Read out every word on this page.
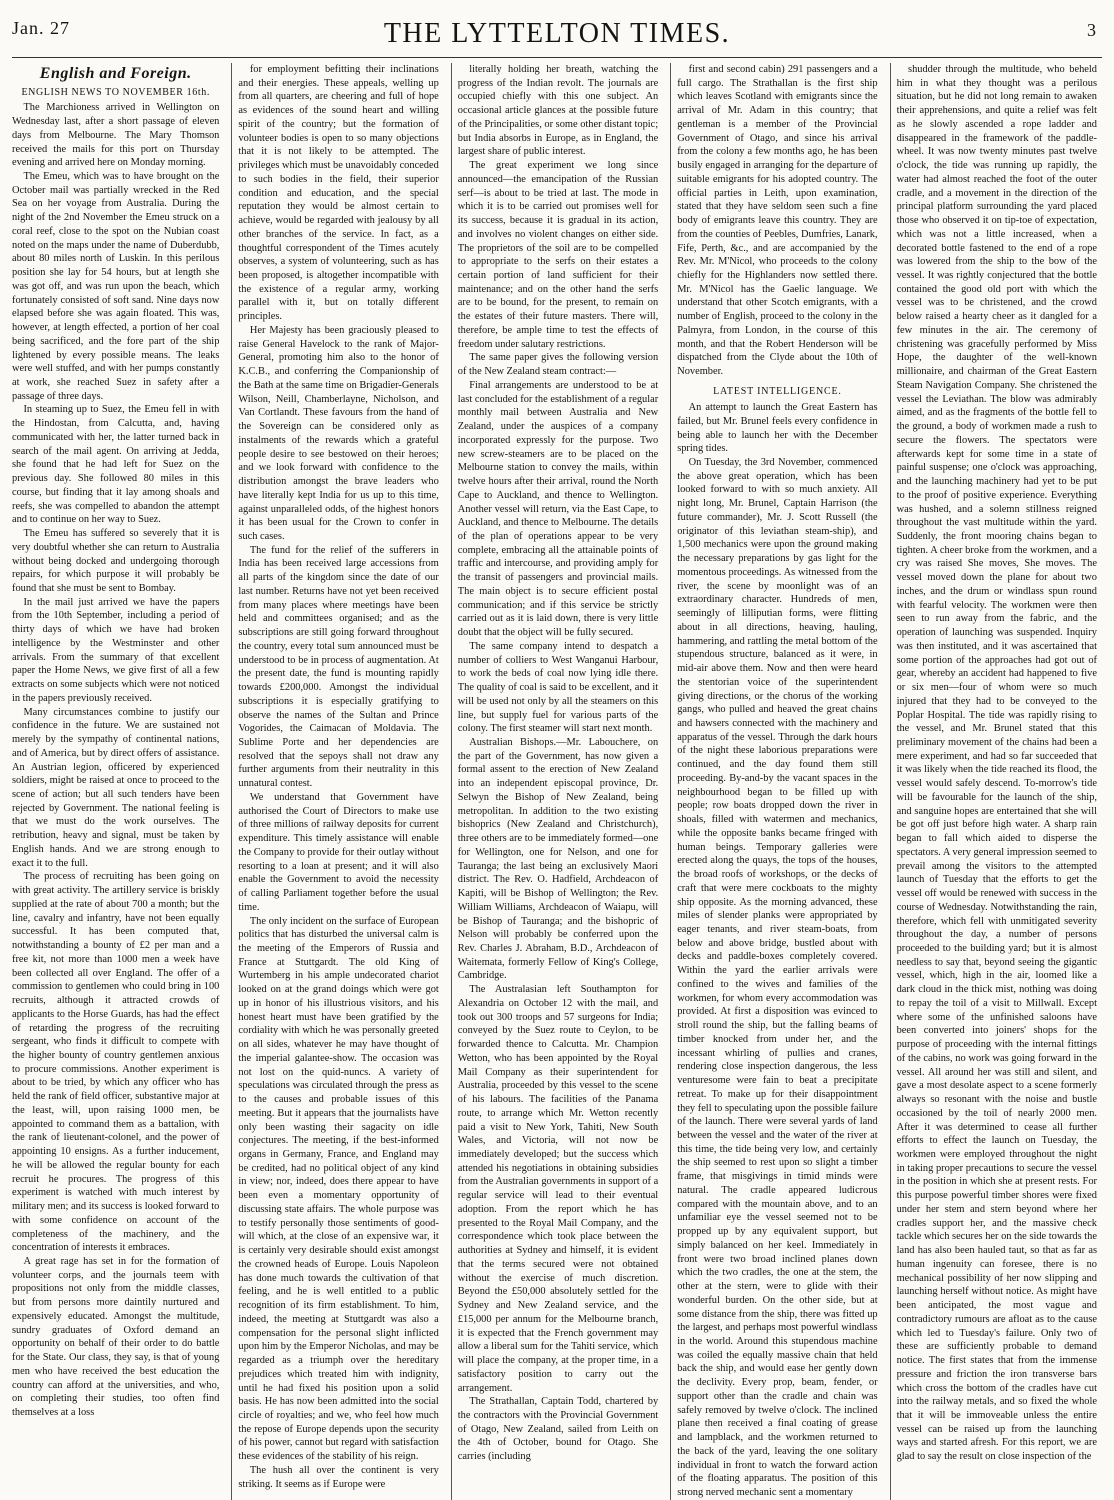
Jan. 27	THE LYTTELTON TIMES.	3
English and Foreign.
ENGLISH NEWS TO NOVEMBER 16th.

The Marchioness arrived in Wellington on Wednesday last, after a short passage of eleven days from Melbourne. The Mary Thomson received the mails for this port on Thursday evening and arrived here on Monday morning.

The Emeu, which was to have brought on the October mail was partially wrecked in the Red Sea on her voyage from Australia. During the night of the 2nd November the Emeu struck on a coral reef, close to the spot on the Nubian coast noted on the maps under the name of Duberdubb, about 80 miles north of Luskin. In this perilous position she lay for 54 hours, but at length she was got off, and was run upon the beach, which fortunately consisted of soft sand. Nine days now elapsed before she was again floated. This was, however, at length effected, a portion of her coal being sacrificed, and the fore part of the ship lightened by every possible means. The leaks were well stuffed, and with her pumps constantly at work, she reached Suez in safety after a passage of three days.

In steaming up to Suez, the Emeu fell in with the Hindostan, from Calcutta, and, having communicated with her, the latter turned back in search of the mail agent. On arriving at Jedda, she found that he had left for Suez on the previous day. She followed 80 miles in this course, but finding that it lay among shoals and reefs, she was compelled to abandon the attempt and to continue on her way to Suez.

The Emeu has suffered so severely that it is very doubtful whether she can return to Australia without being docked and undergoing thorough repairs, for which purpose it will probably be found that she must be sent to Bombay.

In the mail just arrived we have the papers from the 10th September, including a period of thirty days of which we have had broken intelligence by the Westminster and other arrivals. From the summary of that excellent paper the Home News, we give first of all a few extracts on some subjects which were not noticed in the papers previously received.

Many circumstances combine to justify our confidence in the future. We are sustained not merely by the sympathy of continental nations, and of America, but by direct offers of assistance. An Austrian legion, officered by experienced soldiers, might be raised at once to proceed to the scene of action; but all such tenders have been rejected by Government. The national feeling is that we must do the work ourselves. The retribution, heavy and signal, must be taken by English hands. And we are strong enough to exact it to the full.

The process of recruiting has been going on with great activity. The artillery service is briskly supplied at the rate of about 700 a month; but the line, cavalry and infantry, have not been equally successful. It has been computed that, notwithstanding a bounty of £2 per man and a free kit, not more than 1000 men a week have been collected all over England. The offer of a commission to gentlemen who could bring in 100 recruits, although it attracted crowds of applicants to the Horse Guards, has had the effect of retarding the progress of the recruiting sergeant, who finds it difficult to compete with the higher bounty of country gentlemen anxious to procure commissions. Another experiment is about to be tried, by which any officer who has held the rank of field officer, substantive major at the least, will, upon raising 1000 men, be appointed to command them as a battalion, with the rank of lieutenant-colonel, and the power of appointing 10 ensigns. As a further inducement, he will be allowed the regular bounty for each recruit he procures. The progress of this experiment is watched with much interest by military men; and its success is looked forward to with some confidence on account of the completeness of the machinery, and the concentration of interests it embraces.

A great rage has set in for the formation of volunteer corps, and the journals teem with propositions not only from the middle classes, but from persons more daintily nurtured and expensively educated. Amongst the multitude, sundry graduates of Oxford demand an opportunity on behalf of their order to do battle for the State. Our class, they say, is that of young men who have received the best education the country can afford at the universities, and who, on completing their studies, too often find themselves at a loss

for employment befitting their inclinations and their energies. These appeals, welling up from all quarters, are cheering and full of hope as evidences of the sound heart and willing spirit of the country; but the formation of volunteer bodies is open to so many objections that it is not likely to be attempted. The privileges which must be unavoidably conceded to such bodies in the field, their superior condition and education, and the special reputation they would be almost certain to achieve, would be regarded with jealousy by all other branches of the service. In fact, as a thoughtful correspondent of the Times acutely observes, a system of volunteering, such as has been proposed, is altogether incompatible with the existence of a regular army, working parallel with it, but on totally different principles.

Her Majesty has been graciously pleased to raise General Havelock to the rank of Major-General, promoting him also to the honor of K.C.B., and conferring the Companionship of the Bath at the same time on Brigadier-Generals Wilson, Neill, Chamberlayne, Nicholson, and Van Cortlandt. These favours from the hand of the Sovereign can be considered only as instalments of the rewards which a grateful people desire to see bestowed on their heroes; and we look forward with confidence to the distribution amongst the brave leaders who have literally kept India for us up to this time, against unparalleled odds, of the highest honors it has been usual for the Crown to confer in such cases.

The fund for the relief of the sufferers in India has been received large accessions from all parts of the kingdom since the date of our last number. Returns have not yet been received from many places where meetings have been held and committees organised; and as the subscriptions are still going forward throughout the country, every total sum announced must be understood to be in process of augmentation. At the present date, the fund is mounting rapidly towards £200,000. Amongst the individual subscriptions it is especially gratifying to observe the names of the Sultan and Prince Vogorides, the Caimacan of Moldavia. The Sublime Porte and her dependencies are resolved that the sepoys shall not draw any further arguments from their neutrality in this unnatural contest.

We understand that Government have authorised the Court of Directors to make use of three millions of railway deposits for current expenditure. This timely assistance will enable the Company to provide for their outlay without resorting to a loan at present; and it will also enable the Government to avoid the necessity of calling Parliament together before the usual time.

The only incident on the surface of European politics that has disturbed the universal calm is the meeting of the Emperors of Russia and France at Stuttgardt. The old King of Wurtemberg in his ample undecorated chariot looked on at the grand doings which were got up in honor of his illustrious visitors, and his honest heart must have been gratified by the cordiality with which he was personally greeted on all sides, whatever he may have thought of the imperial galantee-show. The occasion was not lost on the quid-nuncs. A variety of speculations was circulated through the press as to the causes and probable issues of this meeting. But it appears that the journalists have only been wasting their sagacity on idle conjectures. The meeting, if the best-informed organs in Germany, France, and England may be credited, had no political object of any kind in view; nor, indeed, does there appear to have been even a momentary opportunity of discussing state affairs. The whole purpose was to testify personally those sentiments of good-will which, at the close of an expensive war, it is certainly very desirable should exist amongst the crowned heads of Europe. Louis Napoleon has done much towards the cultivation of that feeling, and he is well entitled to a public recognition of its firm establishment. To him, indeed, the meeting at Stuttgardt was also a compensation for the personal slight inflicted upon him by the Emperor Nicholas, and may be regarded as a triumph over the hereditary prejudices which treated him with indignity, until he had fixed his position upon a solid basis. He has now been admitted into the social circle of royalties; and we, who feel how much the repose of Europe depends upon the security of his power, cannot but regard with satisfaction these evidences of the stability of his reign.

The hush all over the continent is very striking. It seems as if Europe were

literally holding her breath, watching the progress of the Indian revolt. The journals are occupied chiefly with this one subject. An occasional article glances at the possible future of the Principalities, or some other distant topic; but India absorbs in Europe, as in England, the largest share of public interest.

The great experiment we long since announced—the emancipation of the Russian serf—is about to be tried at last. The mode in which it is to be carried out promises well for its success, because it is gradual in its action, and involves no violent changes on either side. The proprietors of the soil are to be compelled to appropriate to the serfs on their estates a certain portion of land sufficient for their maintenance; and on the other hand the serfs are to be bound, for the present, to remain on the estates of their future masters. There will, therefore, be ample time to test the effects of freedom under salutary restrictions.

The same paper gives the following version of the New Zealand steam contract:—

Final arrangements are understood to be at last concluded for the establishment of a regular monthly mail between Australia and New Zealand, under the auspices of a company incorporated expressly for the purpose. Two new screw-steamers are to be placed on the Melbourne station to convey the mails, within twelve hours after their arrival, round the North Cape to Auckland, and thence to Wellington. Another vessel will return, via the East Cape, to Auckland, and thence to Melbourne. The details of the plan of operations appear to be very complete, embracing all the attainable points of traffic and intercourse, and providing amply for the transit of passengers and provincial mails. The main object is to secure efficient postal communication; and if this service be strictly carried out as it is laid down, there is very little doubt that the object will be fully secured.

The same company intend to despatch a number of colliers to West Wanganui Harbour, to work the beds of coal now lying idle there. The quality of coal is said to be excellent, and it will be used not only by all the steamers on this line, but supply fuel for various parts of the colony. The first steamer will start next month.

Australian Bishops.—Mr. Labouchere, on the part of the Government, has now given a formal assent to the erection of New Zealand into an independent episcopal province, Dr. Selwyn the Bishop of New Zealand, being metropolitan. In addition to the two existing bishoprics (New Zealand and Christchurch), three others are to be immediately formed—one for Wellington, one for Nelson, and one for Tauranga; the last being an exclusively Maori district. The Rev. O. Hadfield, Archdeacon of Kapiti, will be Bishop of Wellington; the Rev. William Williams, Archdeacon of Waiapu, will be Bishop of Tauranga; and the bishopric of Nelson will probably be conferred upon the Rev. Charles J. Abraham, B.D., Archdeacon of Waitemata, formerly Fellow of King's College, Cambridge.

The Australasian left Southampton for Alexandria on October 12 with the mail, and took out 300 troops and 57 surgeons for India; conveyed by the Suez route to Ceylon, to be forwarded thence to Calcutta. Mr. Champion Wetton, who has been appointed by the Royal Mail Company as their superintendent for Australia, proceeded by this vessel to the scene of his labours. The facilities of the Panama route, to arrange which Mr. Wetton recently paid a visit to New York, Tahiti, New South Wales, and Victoria, will not now be immediately developed; but the success which attended his negotiations in obtaining subsidies from the Australian governments in support of a regular service will lead to their eventual adoption. From the report which he has presented to the Royal Mail Company, and the correspondence which took place between the authorities at Sydney and himself, it is evident that the terms secured were not obtained without the exercise of much discretion. Beyond the £50,000 absolutely settled for the Sydney and New Zealand service, and the £15,000 per annum for the Melbourne branch, it is expected that the French government may allow a liberal sum for the Tahiti service, which will place the company, at the proper time, in a satisfactory position to carry out the arrangement.

The Strathallan, Captain Todd, chartered by the contractors with the Provincial Government of Otago, New Zealand, sailed from Leith on the 4th of October, bound for Otago. She carries (including

first and second cabin) 291 passengers and a full cargo. The Strathallan is the first ship which leaves Scotland with emigrants since the arrival of Mr. Adam in this country; that gentleman is a member of the Provincial Government of Otago, and since his arrival from the colony a few months ago, he has been busily engaged in arranging for the departure of suitable emigrants for his adopted country. The official parties in Leith, upon examination, stated that they have seldom seen such a fine body of emigrants leave this country. They are from the counties of Peebles, Dumfries, Lanark, Fife, Perth, &c., and are accompanied by the Rev. Mr. M'Nicol, who proceeds to the colony chiefly for the Highlanders now settled there. Mr. M'Nicol has the Gaelic language. We understand that other Scotch emigrants, with a number of English, proceed to the colony in the Palmyra, from London, in the course of this month, and that the Robert Henderson will be dispatched from the Clyde about the 10th of November.

LATEST INTELLIGENCE.

An attempt to launch the Great Eastern has failed, but Mr. Brunel feels every confidence in being able to launch her with the December spring tides.

On Tuesday, the 3rd November, commenced the above great operation, which has been looked forward to with so much anxiety. All night long, Mr. Brunel, Captain Harrison (the future commander), Mr. J. Scott Russell (the originator of this leviathan steam-ship), and 1,500 mechanics were upon the ground making the necessary preparations by gas light for the momentous proceedings. As witnessed from the river, the scene by moonlight was of an extraordinary character. Hundreds of men, seemingly of lilliputian forms, were flitting about in all directions, heaving, hauling, hammering, and rattling the metal bottom of the stupendous structure, balanced as it were, in mid-air above them. Now and then were heard the stentorian voice of the superintendent giving directions, or the chorus of the working gangs, who pulled and heaved the great chains and hawsers connected with the machinery and apparatus of the vessel. Through the dark hours of the night these laborious preparations were continued, and the day found them still proceeding. By-and-by the vacant spaces in the neighbourhood began to be filled up with people; row boats dropped down the river in shoals, filled with watermen and mechanics, while the opposite banks became fringed with human beings. Temporary galleries were erected along the quays, the tops of the houses, the broad roofs of workshops, or the decks of craft that were mere cockboats to the mighty ship opposite. As the morning advanced, these miles of slender planks were appropriated by eager tenants, and river steam-boats, from below and above bridge, bustled about with decks and paddle-boxes completely covered. Within the yard the earlier arrivals were confined to the wives and families of the workmen, for whom every accommodation was provided. At first a disposition was evinced to stroll round the ship, but the falling beams of timber knocked from under her, and the incessant whirling of pullies and cranes, rendering close inspection dangerous, the less venturesome were fain to beat a precipitate retreat. To make up for their disappointment they fell to speculating upon the possible failure of the launch. There were several yards of land between the vessel and the water of the river at this time, the tide being very low, and certainly the ship seemed to rest upon so slight a timber frame, that misgivings in timid minds were natural. The cradle appeared ludicrous compared with the mountain above, and to an unfamiliar eye the vessel seemed not to be propped up by any equivalent support, but simply balanced on her keel. Immediately in front were two broad inclined planes down which the two cradles, the one at the stem, the other at the stern, were to glide with their wonderful burden. On the other side, but at some distance from the ship, there was fitted up the largest, and perhaps most powerful windlass in the world. Around this stupendous machine was coiled the equally massive chain that held back the ship, and would ease her gently down the declivity. Every prop, beam, fender, or support other than the cradle and chain was safely removed by twelve o'clock. The inclined plane then received a final coating of grease and lampblack, and the workmen returned to the back of the yard, leaving the one solitary individual in front to watch the forward action of the floating apparatus. The position of this strong nerved mechanic sent a momentary

shudder through the multitude, who beheld him in what they thought was a perilous situation, but he did not long remain to awaken their apprehensions, and quite a relief was felt as he slowly ascended a rope ladder and disappeared in the framework of the paddle-wheel. It was now twenty minutes past twelve o'clock, the tide was running up rapidly, the water had almost reached the foot of the outer cradle, and a movement in the direction of the principal platform surrounding the yard placed those who observed it on tip-toe of expectation, which was not a little increased, when a decorated bottle fastened to the end of a rope was lowered from the ship to the bow of the vessel. It was rightly conjectured that the bottle contained the good old port with which the vessel was to be christened, and the crowd below raised a hearty cheer as it dangled for a few minutes in the air. The ceremony of christening was gracefully performed by Miss Hope, the daughter of the well-known millionaire, and chairman of the Great Eastern Steam Navigation Company. She christened the vessel the Leviathan. The blow was admirably aimed, and as the fragments of the bottle fell to the ground, a body of workmen made a rush to secure the flowers. The spectators were afterwards kept for some time in a state of painful suspense; one o'clock was approaching, and the launching machinery had yet to be put to the proof of positive experience. Everything was hushed, and a solemn stillness reigned throughout the vast multitude within the yard. Suddenly, the front mooring chains began to tighten. A cheer broke from the workmen, and a cry was raised She moves, She moves. The vessel moved down the plane for about two inches, and the drum or windlass spun round with fearful velocity. The workmen were then seen to run away from the fabric, and the operation of launching was suspended. Inquiry was then instituted, and it was ascertained that some portion of the approaches had got out of gear, whereby an accident had happened to five or six men—four of whom were so much injured that they had to be conveyed to the Poplar Hospital. The tide was rapidly rising to the vessel, and Mr. Brunel stated that this preliminary movement of the chains had been a mere experiment, and had so far succeeded that it was likely when the tide reached its flood, the vessel would safely descend. To-morrow's tide will be favourable for the launch of the ship, and sanguine hopes are entertained that she will be got off just before high water. A sharp rain began to fall which aided to disperse the spectators. A very general impression seemed to prevail among the visitors to the attempted launch of Tuesday that the efforts to get the vessel off would be renewed with success in the course of Wednesday. Notwithstanding the rain, therefore, which fell with unmitigated severity throughout the day, a number of persons proceeded to the building yard; but it is almost needless to say that, beyond seeing the gigantic vessel, which, high in the air, loomed like a dark cloud in the thick mist, nothing was doing to repay the toil of a visit to Millwall. Except where some of the unfinished saloons have been converted into joiners' shops for the purpose of proceeding with the internal fittings of the cabins, no work was going forward in the vessel. All around her was still and silent, and gave a most desolate aspect to a scene formerly always so resonant with the noise and bustle occasioned by the toil of nearly 2000 men. After it was determined to cease all further efforts to effect the launch on Tuesday, the workmen were employed throughout the night in taking proper precautions to secure the vessel in the position in which she at present rests. For this purpose powerful timber shores were fixed under her stem and stern beyond where her cradles support her, and the massive check tackle which secures her on the side towards the land has also been hauled taut, so that as far as human ingenuity can foresee, there is no mechanical possibility of her now slipping and launching herself without notice. As might have been anticipated, the most vague and contradictory rumours are afloat as to the cause which led to Tuesday's failure. Only two of these are sufficiently probable to demand notice. The first states that from the immense pressure and friction the iron transverse bars which cross the bottom of the cradles have cut into the railway metals, and so fixed the whole that it will be immoveable unless the entire vessel can be raised up from the launching ways and started afresh. For this report, we are glad to say the result on close inspection of the
